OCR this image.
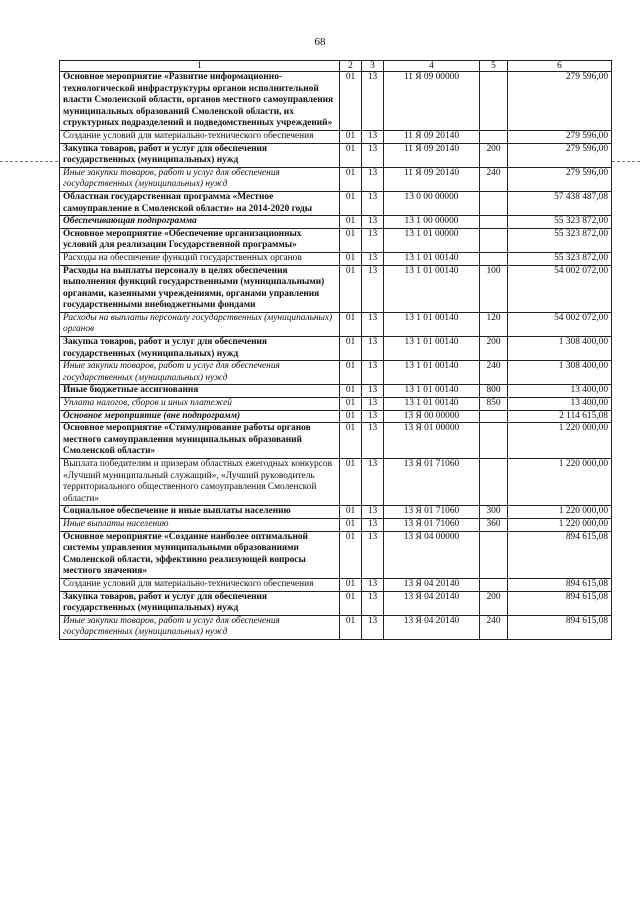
68
1	2	3	4	5	6
Основное мероприятие «Развитие информационно-технологической инфраструктуры органов исполнительной власти Смоленской области, органов местного самоуправления муниципальных образований Смоленской области, их структурных подразделений и подведомственных учреждений»	01	13	11 Я 09 00000		279 596,00
Создание условий для материально-технического обеспечения	01	13	11 Я 09 20140		279 596,00
Закупка товаров, работ и услуг для обеспечения государственных (муниципальных) нужд	01	13	11 Я 09 20140	200	279 596,00
Иные закупки товаров, работ и услуг для обеспечения государственных (муниципальных) нужд	01	13	11 Я 09 20140	240	279 596,00
Областная государственная программа «Местное самоуправление в Смоленской области» на 2014-2020 годы	01	13	13 0 00 00000		57 438 487,08
Обеспечивающая подпрограмма	01	13	13 1 00 00000		55 323 872,00
Основное мероприятие «Обеспечение организационных условий для реализации Государственной программы»	01	13	13 1 01 00000		55 323 872,00
Расходы на обеспечение функций государственных органов	01	13	13 1 01 00140		55 323 872,00
Расходы на выплаты персоналу в целях обеспечения выполнения функций государственными (муниципальными) органами, казенными учреждениями, органами управления государственными внебюджетными фондами	01	13	13 1 01 00140	100	54 002 072,00
Расходы на выплаты персоналу государственных (муниципальных) органов	01	13	13 1 01 00140	120	54 002 072,00
Закупка товаров, работ и услуг для обеспечения государственных (муниципальных) нужд	01	13	13 1 01 00140	200	1 308 400,00
Иные закупки товаров, работ и услуг для обеспечения государственных (муниципальных) нужд	01	13	13 1 01 00140	240	1 308 400,00
Иные бюджетные ассигнования	01	13	13 1 01 00140	800	13 400,00
Уплата налогов, сборов и иных платежей	01	13	13 1 01 00140	850	13 400,00
Основное мероприятие (вне подпрограмм)	01	13	13 Я 00 00000		2 114 615,08
Основное мероприятие «Стимулирование работы органов местного самоуправления муниципальных образований Смоленской области»	01	13	13 Я 01 00000		1 220 000,00
Выплата победителям и призерам областных ежегодных конкурсов «Лучший муниципальный служащий», «Лучший руководитель территориального общественного самоуправления Смоленской области»	01	13	13 Я 01 71060		1 220 000,00
Социальное обеспечение и иные выплаты населению	01	13	13 Я 01 71060	300	1 220 000,00
Иные выплаты населению	01	13	13 Я 01 71060	360	1 220 000,00
Основное мероприятие «Создание наиболее оптимальной системы управления муниципальными образованиями Смоленской области, эффективно реализующей вопросы местного значения»	01	13	13 Я 04 00000		894 615,08
Создание условий для материально-технического обеспечения	01	13	13 Я 04 20140		894 615,08
Закупка товаров, работ и услуг для обеспечения государственных (муниципальных) нужд	01	13	13 Я 04 20140	200	894 615,08
Иные закупки товаров, работ и услуг для обеспечения государственных (муниципальных) нужд	01	13	13 Я 04 20140	240	894 615,08
